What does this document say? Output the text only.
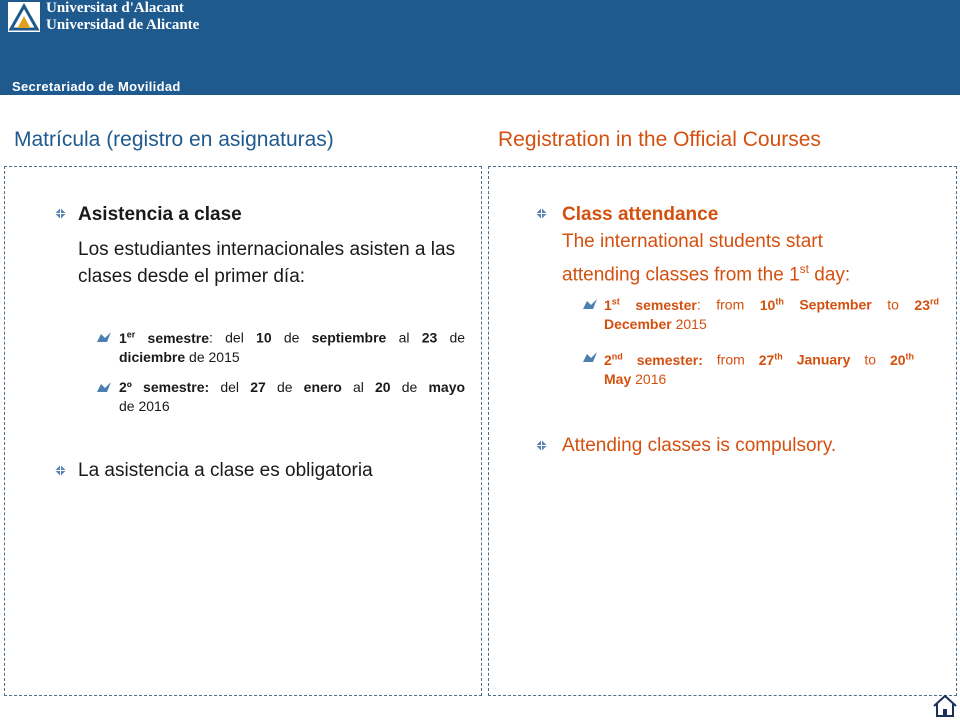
Universitat d'Alacant
Universidad de Alicante
Secretariado de Movilidad
Matrícula (registro en asignaturas)	Registration in the Official Courses
Asistencia a clase
Los estudiantes internacionales asisten a las clases desde el primer día:
1er semestre: del 10 de septiembre al 23 de
diciembre de 2015
2º semestre: del 27 de enero al 20 de mayo
de 2016
La asistencia a clase es obligatoria
Class attendance
The international students start
attending classes from the 1st day:
1st semester: from 10th September to 23rd
December 2015
2nd semester: from 27th January to 20th
May 2016
Attending classes is compulsory.
